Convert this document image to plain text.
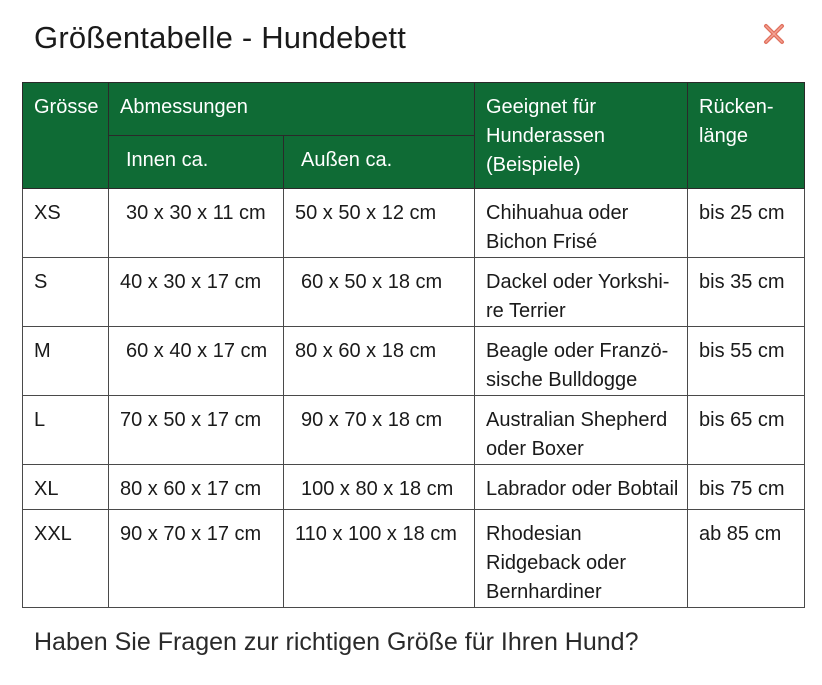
Größentabelle - Hundebett
Grösse	Abmessungen		Geeignet für Hunderassen (Beispiele)	Rücken-
länge
	Innen ca.	Außen ca.		
XS	30 x 30 x 11 cm	50 x 50 x 12 cm	Chihuahua oder Bichon Frisé	bis 25 cm
S	40 x 30 x 17 cm	60 x 50 x 18 cm	Dackel oder Yorkshi-re Terrier	bis 35 cm
M	60 x 40 x 17 cm	80 x 60 x 18 cm	Beagle oder Franzö-sische Bulldogge	bis 55 cm
L	70 x 50 x 17 cm	90 x 70 x 18 cm	Australian Shepherd oder Boxer	bis 65 cm
XL	80 x 60 x 17 cm	100 x 80 x 18 cm	Labrador oder Bobtail	bis 75 cm
XXL	90 x 70 x 17 cm	110 x 100 x 18 cm	Rhodesian Ridgeback oder Bernhardiner	ab 85 cm

Haben Sie Fragen zur richtigen Größe für Ihren Hund?
